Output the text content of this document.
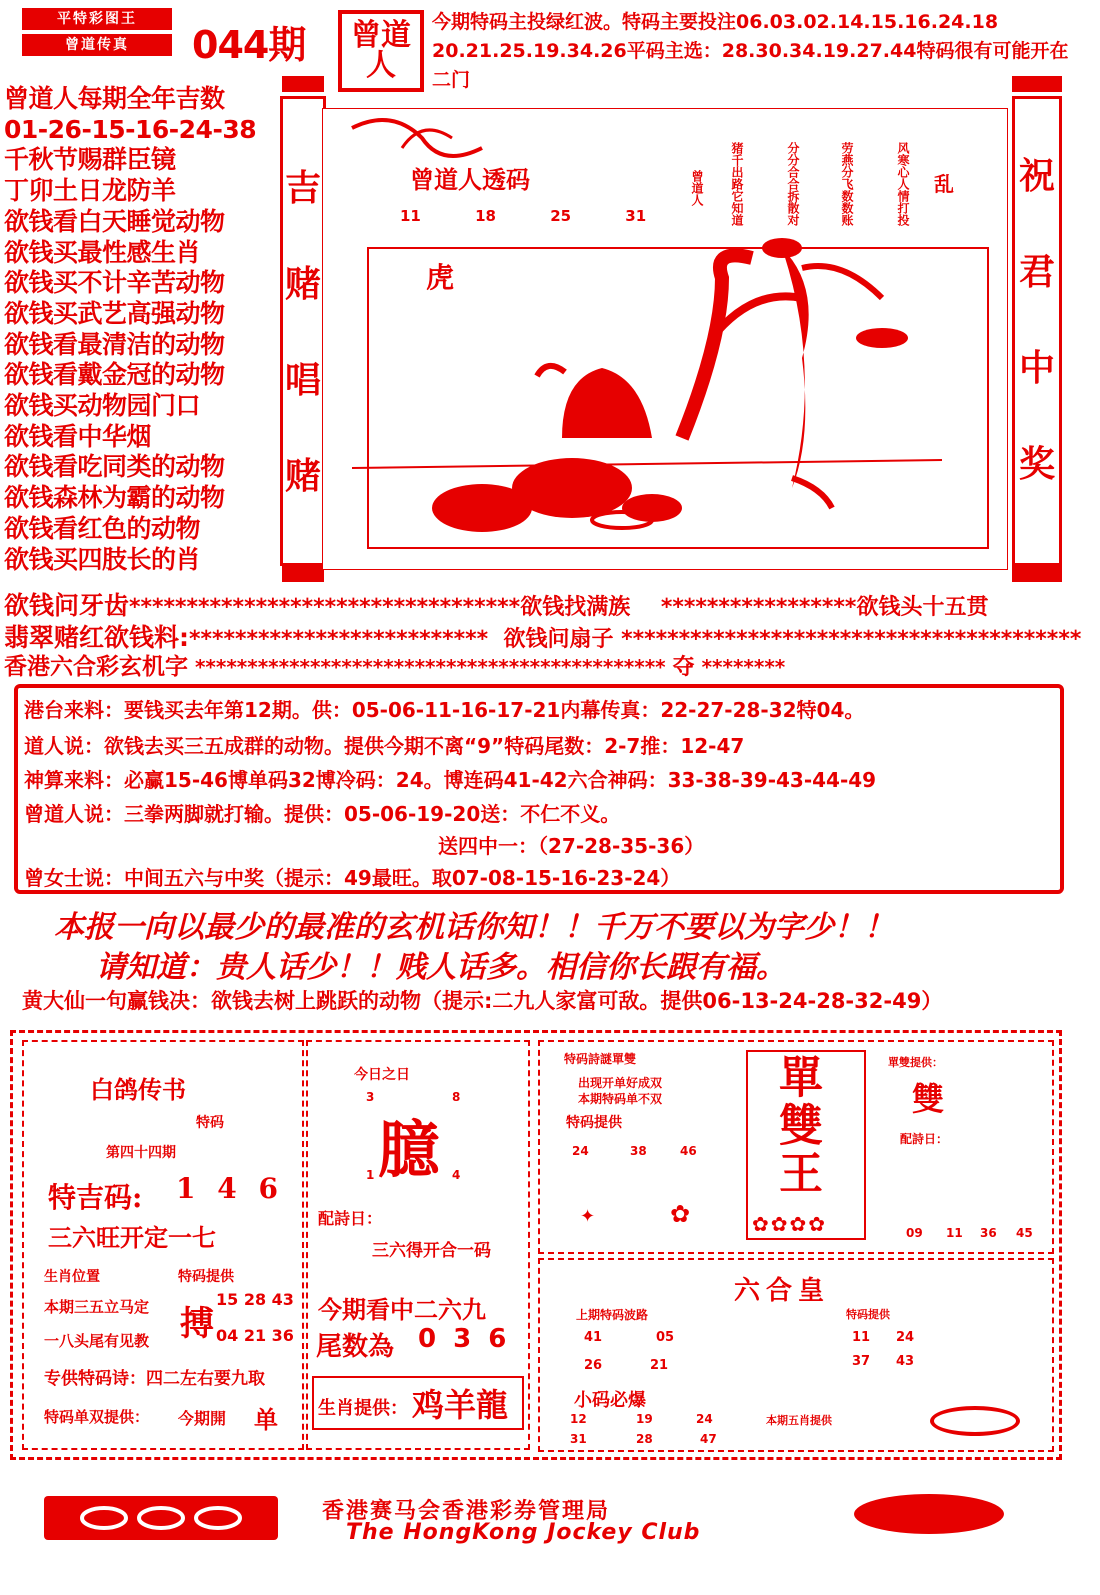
平特彩图王
曾道传真	044期	曾道人
今期特码主投绿红波。特码主要投注06.03.02.14.15.16.24.18 20.21.25.19.34.26平码主选：28.30.34.19.27.44特码很有可能开在二门
曾道人每期全年吉数
01-26-15-16-24-38
千秋节赐群臣镜
丁卯土日龙防羊
欲钱看白天睡觉动物
欲钱买最性感生肖
欲钱买不计辛苦动物
欲钱买武艺高强动物
欲钱看最清洁的动物
欲钱看戴金冠的动物
欲钱买动物园门口
欲钱看中华烟
欲钱看吃同类的动物
欲钱森林为霸的动物
欲钱看红色的动物
欲钱买四肢长的肖
吉
赌
唱
赌
祝
君
中
奖
曾道人透码
11	18	25	31
虎
曾道人 猪千出路它知道	分分合合拆散对	劳燕分飞数数账	风寒心人情打投 乱
欲钱问牙齿**********************************欲钱找满族    *****************欲钱头十五贯
翡翠赌红欲钱料:**************************  欲钱问扇子 ****************************************
香港六合彩玄机字 ********************************************* 夺 ********
港台来料：要钱买去年第12期。供：05-06-11-16-17-21内幕传真：22-27-28-32特04。
道人说：欲钱去买三五成群的动物。提供今期不离“9”特码尾数：2-7推：12-47
神算来料：必赢15-46博单码32博冷码：24。博连码41-42六合神码：33-38-39-43-44-49
曾道人说：三拳两脚就打输。提供：05-06-19-20送：不仁不义。
送四中一：（27-28-35-36）
曾女士说：中间五六与中奖（提示：49最旺。取07-08-15-16-23-24）
本报一向以最少的最准的玄机话你知！！千万不要以为字少！！
请知道：贵人话少！！贱人话多。相信你长跟有福。
黄大仙一句赢钱决：欲钱去树上跳跃的动物（提示:二九人家富可敌。提供06-13-24-28-32-49）
白鸽传书
特码
第四十四期
特吉码: 1 4 6
三六旺开定一七
生肖位置
本期三五立马定
特码提供
搏
15 28 43
04 21 36
一八头尾有见教
专供特码诗：四二左右要九取
特码单双提供： 今期開 单
今日之日
3	8
1	4
臆
配詩日：
三六得开合一码
今期看中二六九
尾数為 0 3 6
生肖提供： 鸡羊龍
特码詩謎單雙
出现开单好成双
本期特码单不双
特码提供
24	38	46
✦	✿
單雙王
✿✿✿✿
單雙提供：
雙
配詩日：
09 11 36 45
六合皇
上期特码波路
41	05
26	21
特码提供
11 24
37 43
小码必爆
12	19	24
31	28	47
本期五肖提供
香港赛马会香港彩券管理局
The HongKong Jockey Club
